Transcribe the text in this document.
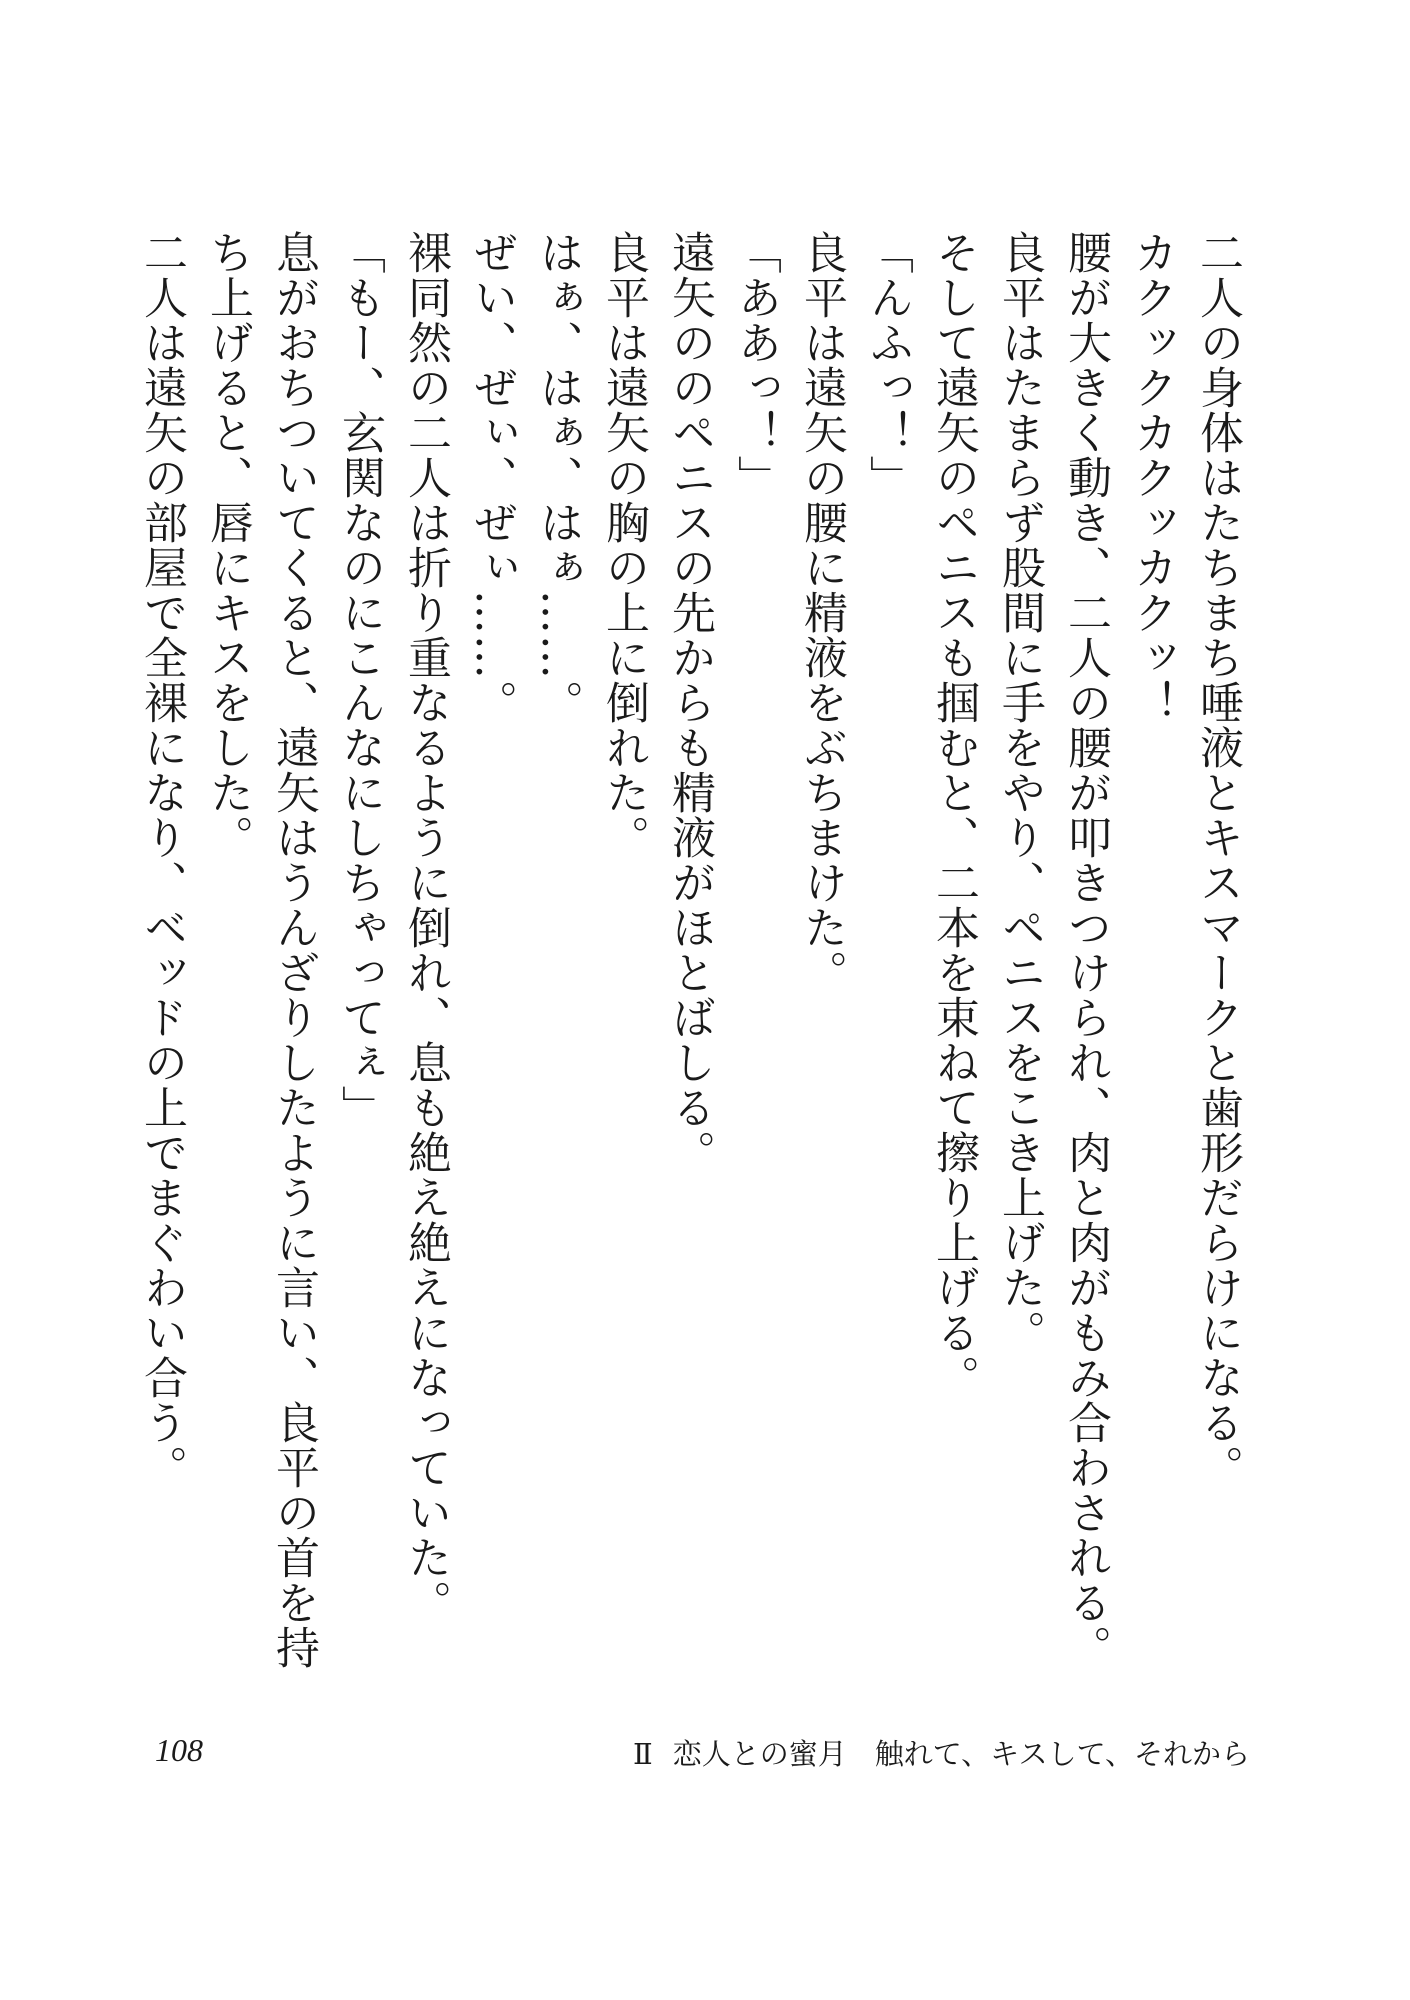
二人の身体はたちまち唾液とキスマークと歯形だらけになる。
カクックカクッカクッ！
腰が大きく動き、二人の腰が叩きつけられ、肉と肉がもみ合わされる。
良平はたまらず股間に手をやり、ペニスをこき上げた。
そして遠矢のペニスも掴むと、二本を束ねて擦り上げる。
「んふっ！」
良平は遠矢の腰に精液をぶちまけた。
「ああっ！」
遠矢ののペニスの先からも精液がほとばしる。
良平は遠矢の胸の上に倒れた。
はぁ、はぁ、はぁ……。
ぜい、ぜぃ、ぜぃ……。
裸同然の二人は折り重なるように倒れ、息も絶え絶えになっていた。
「もー、玄関なのにこんなにしちゃってぇ」
息がおちついてくると、遠矢はうんざりしたように言い、良平の首を持
ち上げると、唇にキスをした。
二人は遠矢の部屋で全裸になり、ベッドの上でまぐわい合う。
108	Ⅱ 恋人との蜜月 触れて、キスして、それから
